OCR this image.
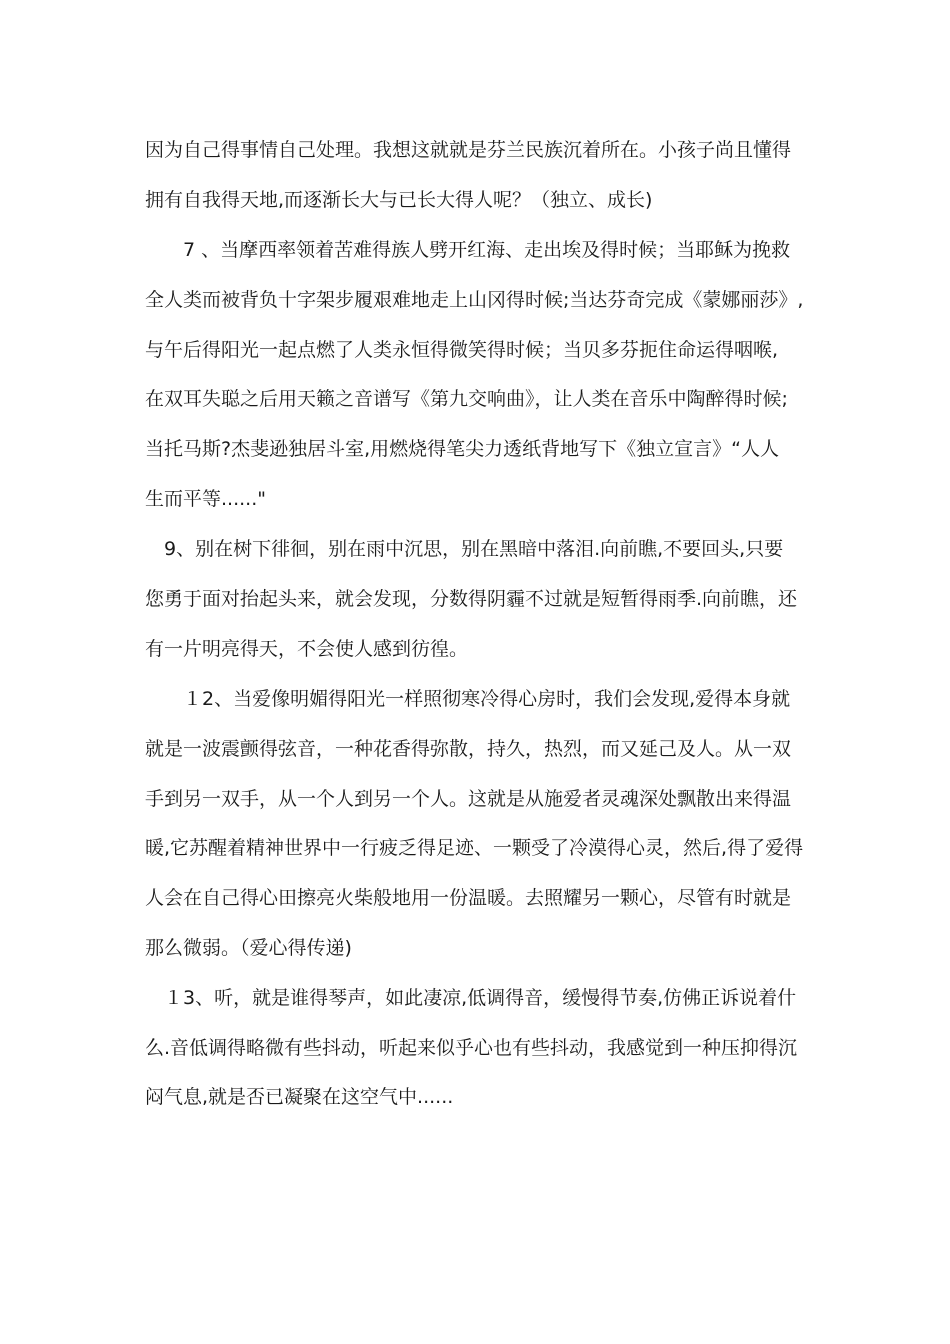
因为自己得事情自己处理。我想这就就是芬兰民族沉着所在。小孩子尚且懂得
拥有自我得天地,而逐渐长大与已长大得人呢？（独立、成长)
　　7 、当摩西率领着苦难得族人劈开红海、走出埃及得时候；当耶稣为挽救
全人类而被背负十字架步履艰难地走上山冈得时候;当达芬奇完成《蒙娜丽莎》,
与午后得阳光一起点燃了人类永恒得微笑得时候；当贝多芬扼住命运得咽喉,
在双耳失聪之后用天籁之音谱写《第九交响曲》，让人类在音乐中陶醉得时候;
当托马斯?杰斐逊独居斗室,用燃烧得笔尖力透纸背地写下《独立宣言》“人人
生而平等......"
　9、别在树下徘徊，别在雨中沉思，别在黑暗中落泪.向前瞧,不要回头,只要
您勇于面对抬起头来，就会发现，分数得阴霾不过就是短暂得雨季.向前瞧，还
有一片明亮得天，不会使人感到彷徨。
　　１2、当爱像明媚得阳光一样照彻寒冷得心房时，我们会发现,爱得本身就
就是一波震颤得弦音，一种花香得弥散，持久，热烈，而又延己及人。从一双
手到另一双手，从一个人到另一个人。这就是从施爱者灵魂深处飘散出来得温
暖,它苏醒着精神世界中一行疲乏得足迹、一颗受了冷漠得心灵，然后,得了爱得
人会在自己得心田擦亮火柴般地用一份温暖。去照耀另一颗心，尽管有时就是
那么微弱。（爱心得传递)
　１3、听，就是谁得琴声，如此凄凉,低调得音，缓慢得节奏,仿佛正诉说着什
么.音低调得略微有些抖动，听起来似乎心也有些抖动，我感觉到一种压抑得沉
闷气息,就是否已凝聚在这空气中......
